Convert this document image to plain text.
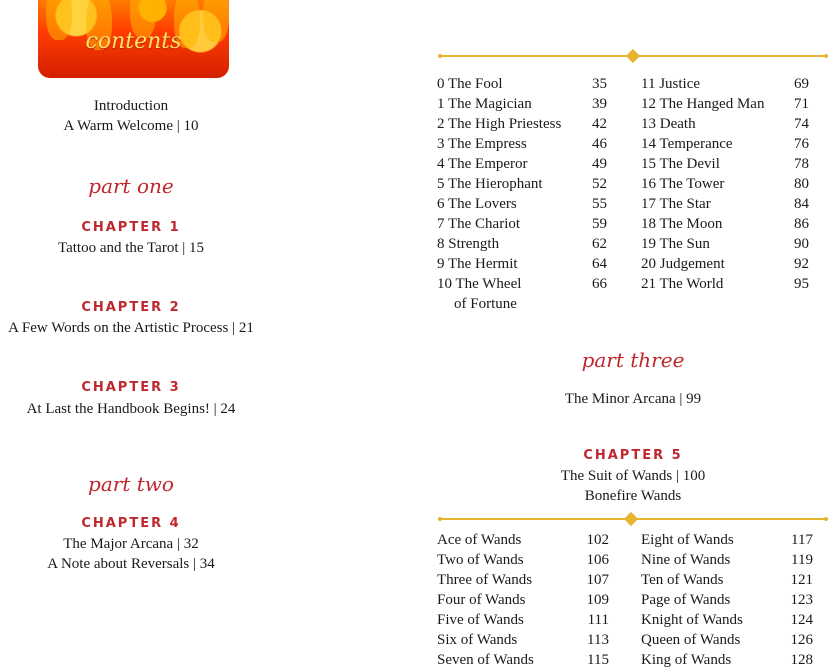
contents
Introduction
A Warm Welcome | 10
part one
CHAPTER 1
Tattoo and the Tarot | 15
CHAPTER 2
A Few Words on the Artistic Process | 21
CHAPTER 3
At Last the Handbook Begins! | 24
part two
CHAPTER 4
The Major Arcana | 32
A Note about Reversals | 34
0 The Fool	35
1 The Magician	39
2 The High Priestess 42
3 The Empress	46
4 The Emperor	49
5 The Hierophant	52
6 The Lovers	55
7 The Chariot	59
8 Strength	62
9 The Hermit	64
10 The Wheel	66
of Fortune
11 Justice	69
12 The Hanged Man 71
13 Death	74
14 Temperance	76
15 The Devil	78
16 The Tower	80
17 The Star	84
18 The Moon	86
19 The Sun	90
20 Judgement	92
21 The World	95
part three
The Minor Arcana | 99
CHAPTER 5
The Suit of Wands | 100
Bonefire Wands
Ace of Wands	102
Two of Wands	106
Three of Wands	107
Four of Wands	109
Five of Wands	111
Six of Wands	113
Seven of Wands	115
Eight of Wands	117
Nine of Wands	119
Ten of Wands	121
Page of Wands	123
Knight of Wands	124
Queen of Wands	126
King of Wands	128
